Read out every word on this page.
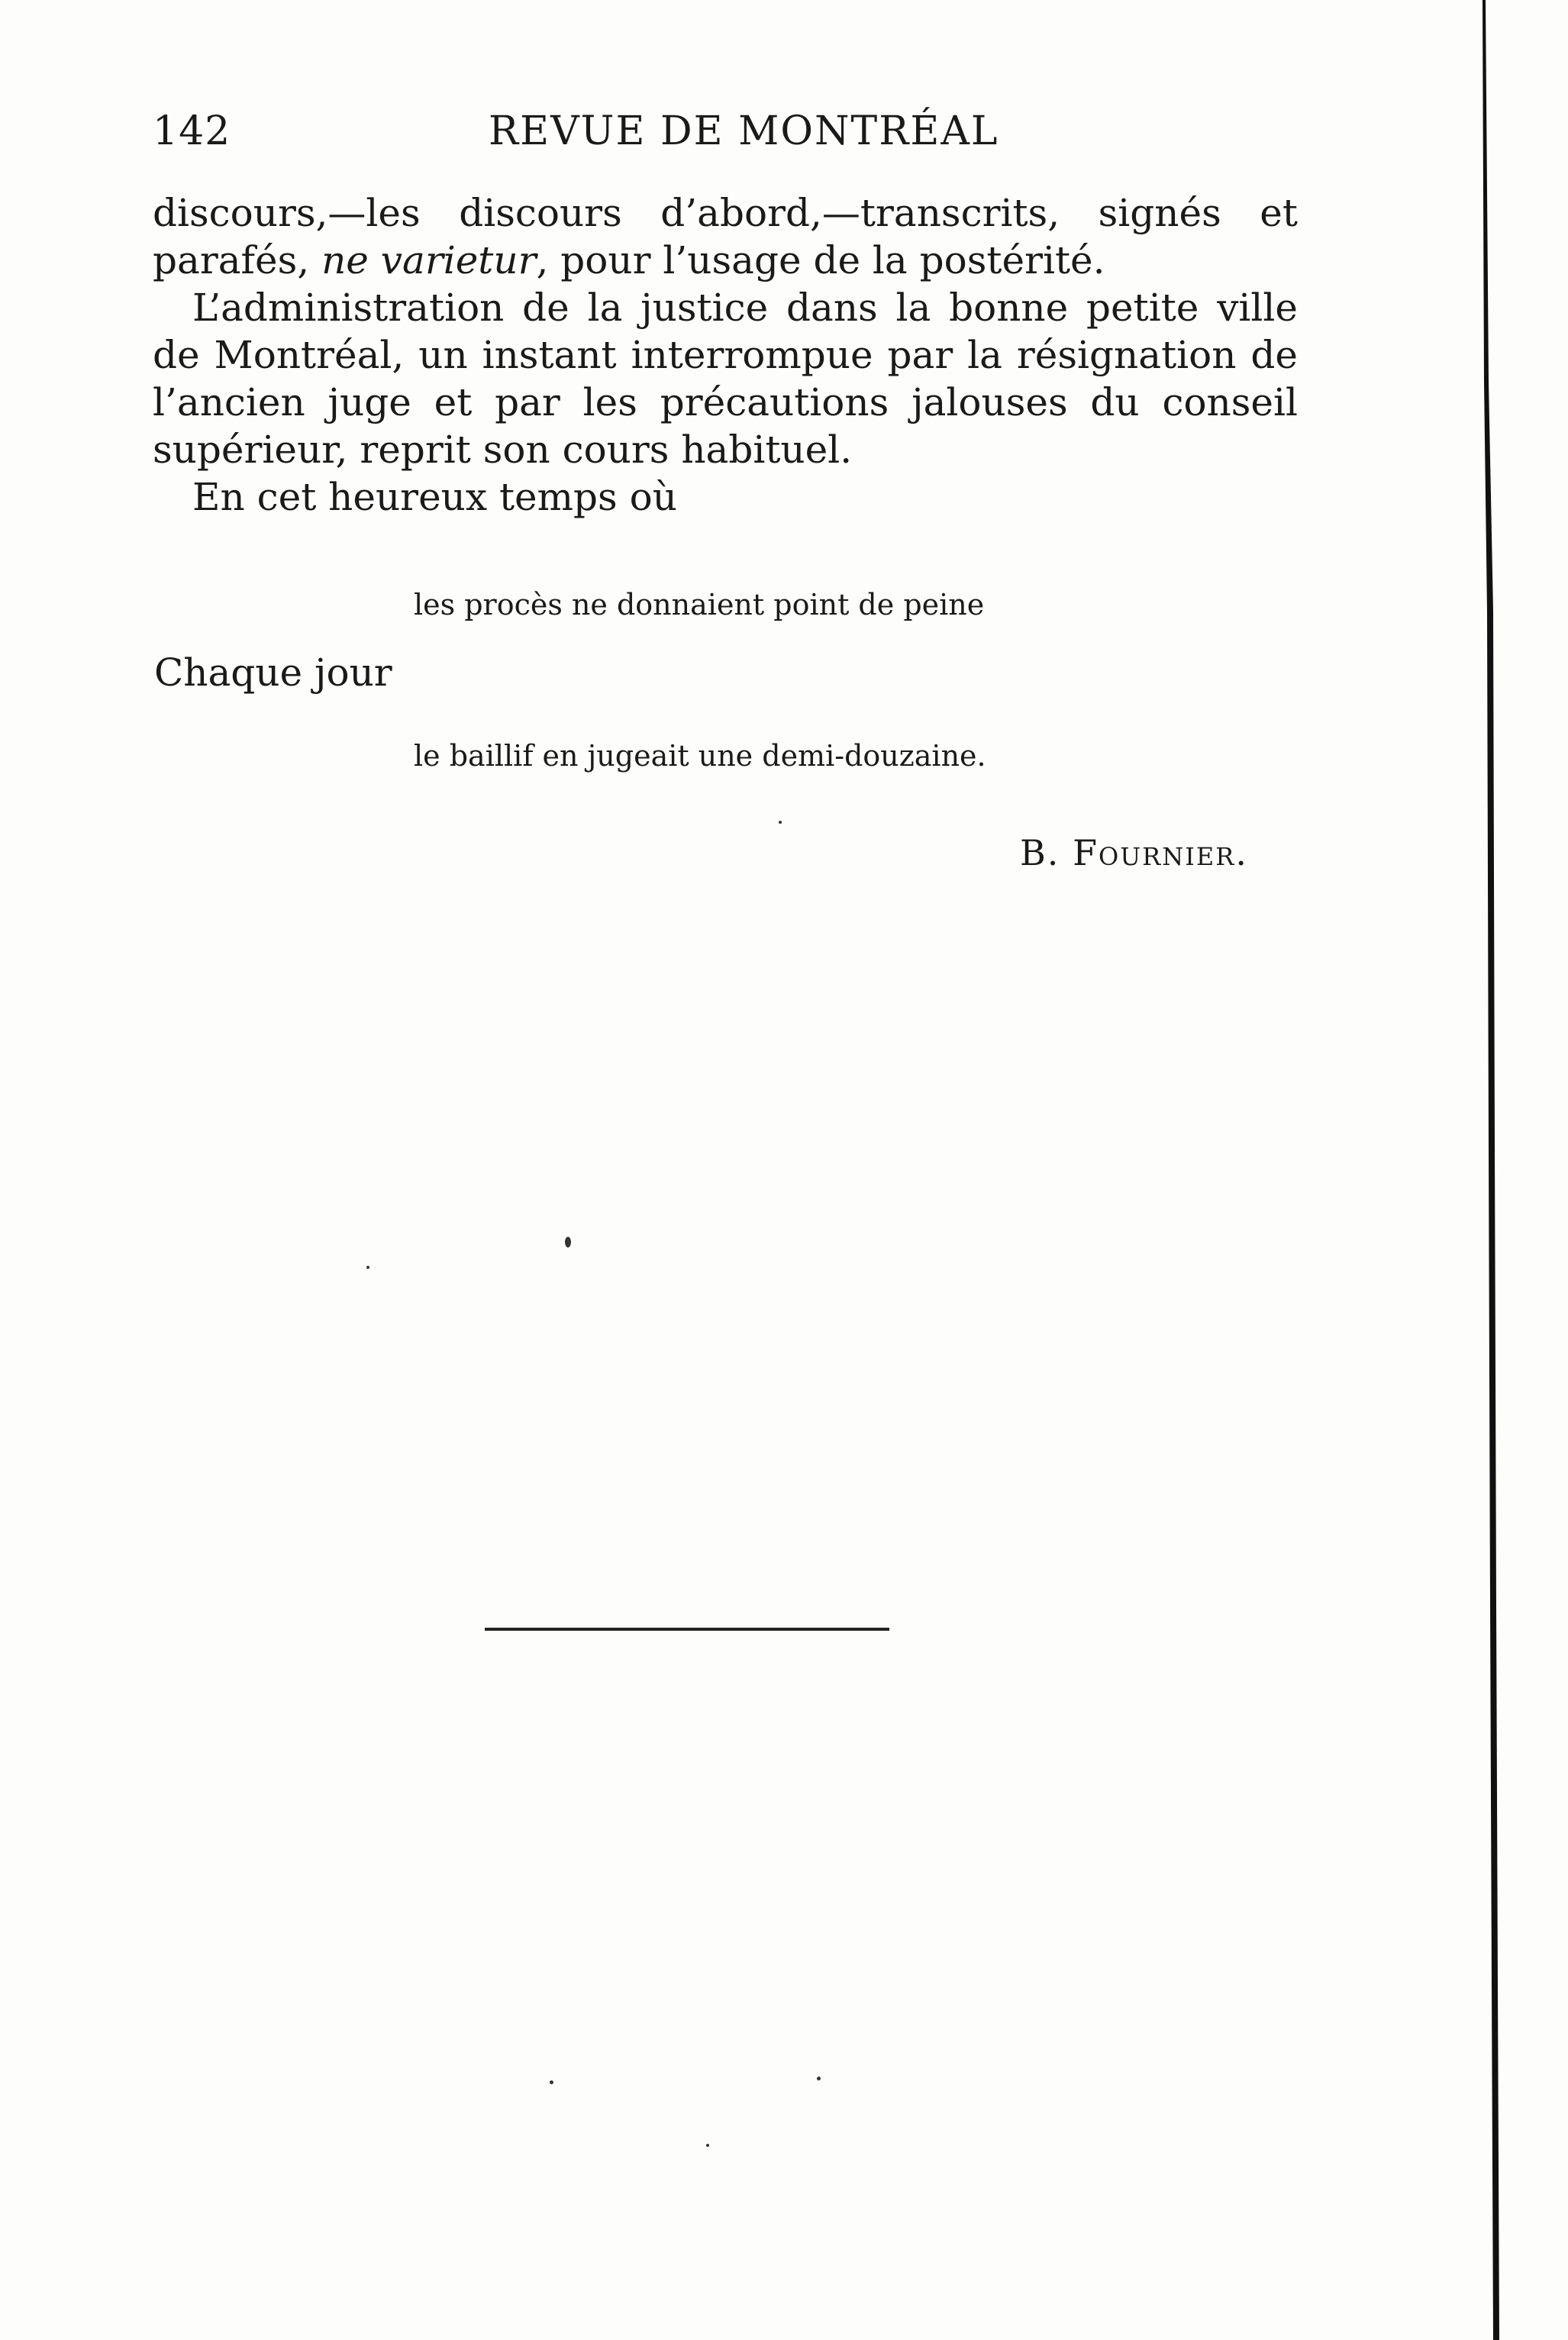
142	REVUE DE MONTRÉAL

discours,—les discours d’abord,—transcrits, signés et parafés, ne varietur, pour l’usage de la postérité.

L’administration de la justice dans la bonne petite ville de Montréal, un instant interrompue par la résignation de l’ancien juge et par les précautions jalouses du conseil supérieur, reprit son cours habituel.

En cet heureux temps où

les procès ne donnaient point de peine
Chaque jour
le baillif en jugeait une demi-douzaine.
B. Fournier.
